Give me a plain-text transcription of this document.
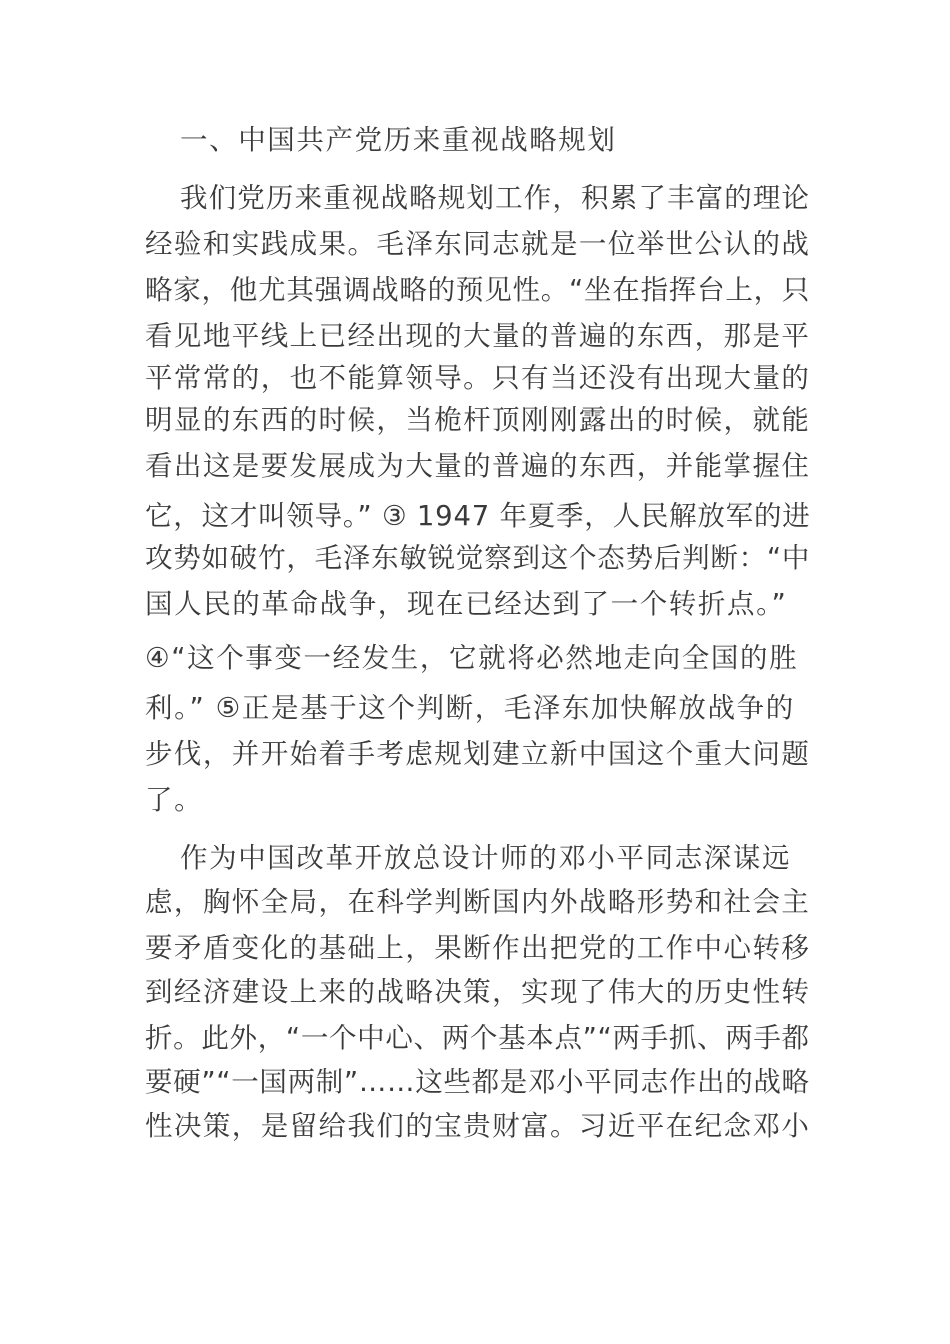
一、中国共产党历来重视战略规划
我们党历来重视战略规划工作，积累了丰富的理论
经验和实践成果。毛泽东同志就是一位举世公认的战
略家，他尤其强调战略的预见性。“坐在指挥台上，只
看见地平线上已经出现的大量的普遍的东西，那是平
平常常的，也不能算领导。只有当还没有出现大量的
明显的东西的时候，当桅杆顶刚刚露出的时候，就能
看出这是要发展成为大量的普遍的东西，并能掌握住
它，这才叫领导。” ③ 1947 年夏季，人民解放军的进
攻势如破竹，毛泽东敏锐觉察到这个态势后判断：“中
国人民的革命战争，现在已经达到了一个转折点。”
④“这个事变一经发生，它就将必然地走向全国的胜
利。” ⑤正是基于这个判断，毛泽东加快解放战争的
步伐，并开始着手考虑规划建立新中国这个重大问题
了。
作为中国改革开放总设计师的邓小平同志深谋远
虑，胸怀全局，在科学判断国内外战略形势和社会主
要矛盾变化的基础上，果断作出把党的工作中心转移
到经济建设上来的战略决策，实现了伟大的历史性转
折。此外，“一个中心、两个基本点”“两手抓、两手都
要硬”“一国两制”……这些都是邓小平同志作出的战略
性决策，是留给我们的宝贵财富。习近平在纪念邓小
